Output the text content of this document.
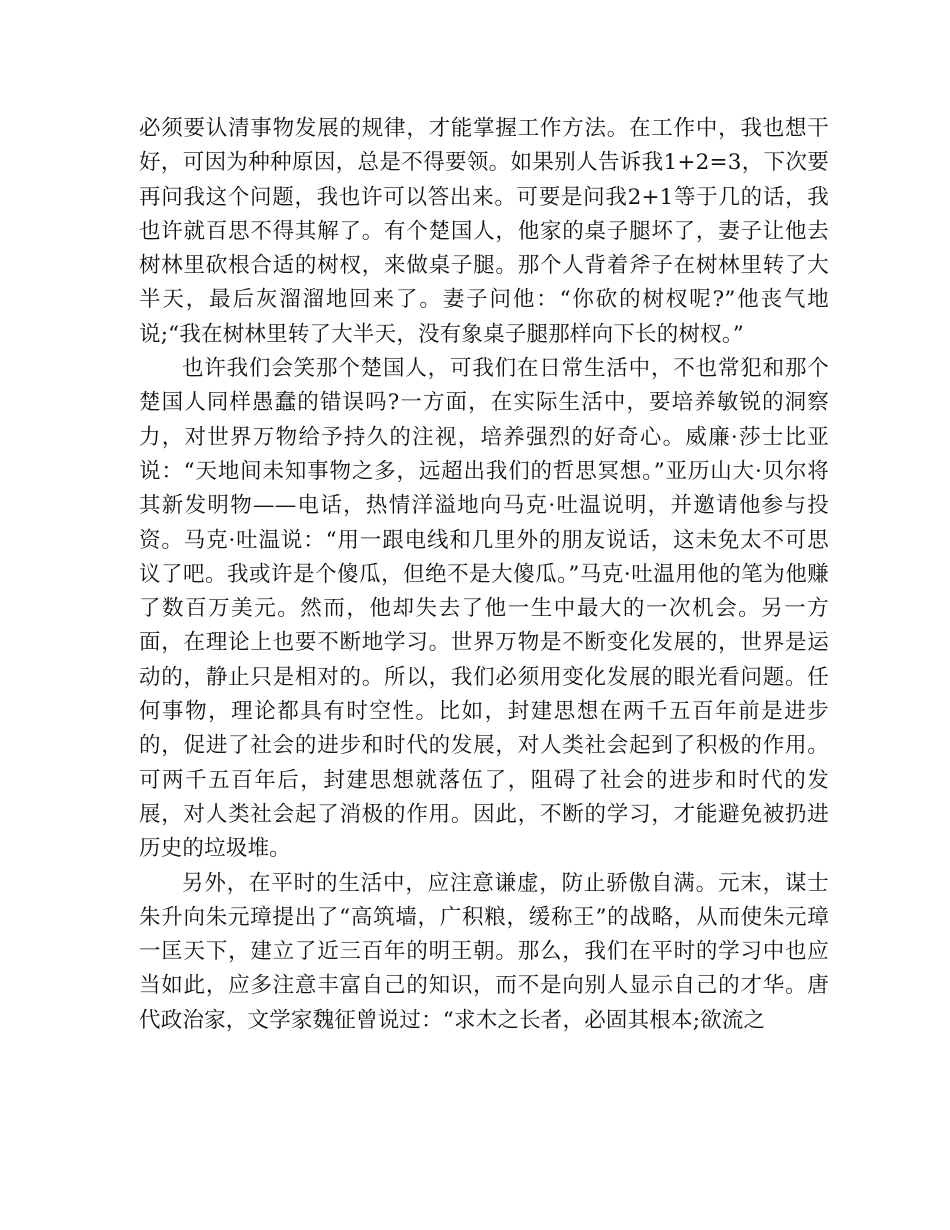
必须要认清事物发展的规律，才能掌握工作方法。在工作中，我也想干好，可因为种种原因，总是不得要领。如果别人告诉我1+2=3，下次要再问我这个问题，我也许可以答出来。可要是问我2+1等于几的话，我也许就百思不得其解了。有个楚国人，他家的桌子腿坏了，妻子让他去树林里砍根合适的树杈，来做桌子腿。那个人背着斧子在树林里转了大半天，最后灰溜溜地回来了。妻子问他：“你砍的树杈呢?”他丧气地说;“我在树林里转了大半天，没有象桌子腿那样向下长的树杈。”

也许我们会笑那个楚国人，可我们在日常生活中，不也常犯和那个楚国人同样愚蠢的错误吗?一方面，在实际生活中，要培养敏锐的洞察力，对世界万物给予持久的注视，培养强烈的好奇心。威廉·莎士比亚说：“天地间未知事物之多，远超出我们的哲思冥想。”亚历山大·贝尔将其新发明物——电话，热情洋溢地向马克·吐温说明，并邀请他参与投资。马克·吐温说：“用一跟电线和几里外的朋友说话，这未免太不可思议了吧。我或许是个傻瓜，但绝不是大傻瓜。”马克·吐温用他的笔为他赚了数百万美元。然而，他却失去了他一生中最大的一次机会。另一方面，在理论上也要不断地学习。世界万物是不断变化发展的，世界是运动的，静止只是相对的。所以，我们必须用变化发展的眼光看问题。任何事物，理论都具有时空性。比如，封建思想在两千五百年前是进步的，促进了社会的进步和时代的发展，对人类社会起到了积极的作用。可两千五百年后，封建思想就落伍了，阻碍了社会的进步和时代的发展，对人类社会起了消极的作用。因此，不断的学习，才能避免被扔进历史的垃圾堆。

另外，在平时的生活中，应注意谦虚，防止骄傲自满。元末，谋士朱升向朱元璋提出了“高筑墙，广积粮，缓称王”的战略，从而使朱元璋一匡天下，建立了近三百年的明王朝。那么，我们在平时的学习中也应当如此，应多注意丰富自己的知识，而不是向别人显示自己的才华。唐代政治家，文学家魏征曾说过：“求木之长者，必固其根本;欲流之
